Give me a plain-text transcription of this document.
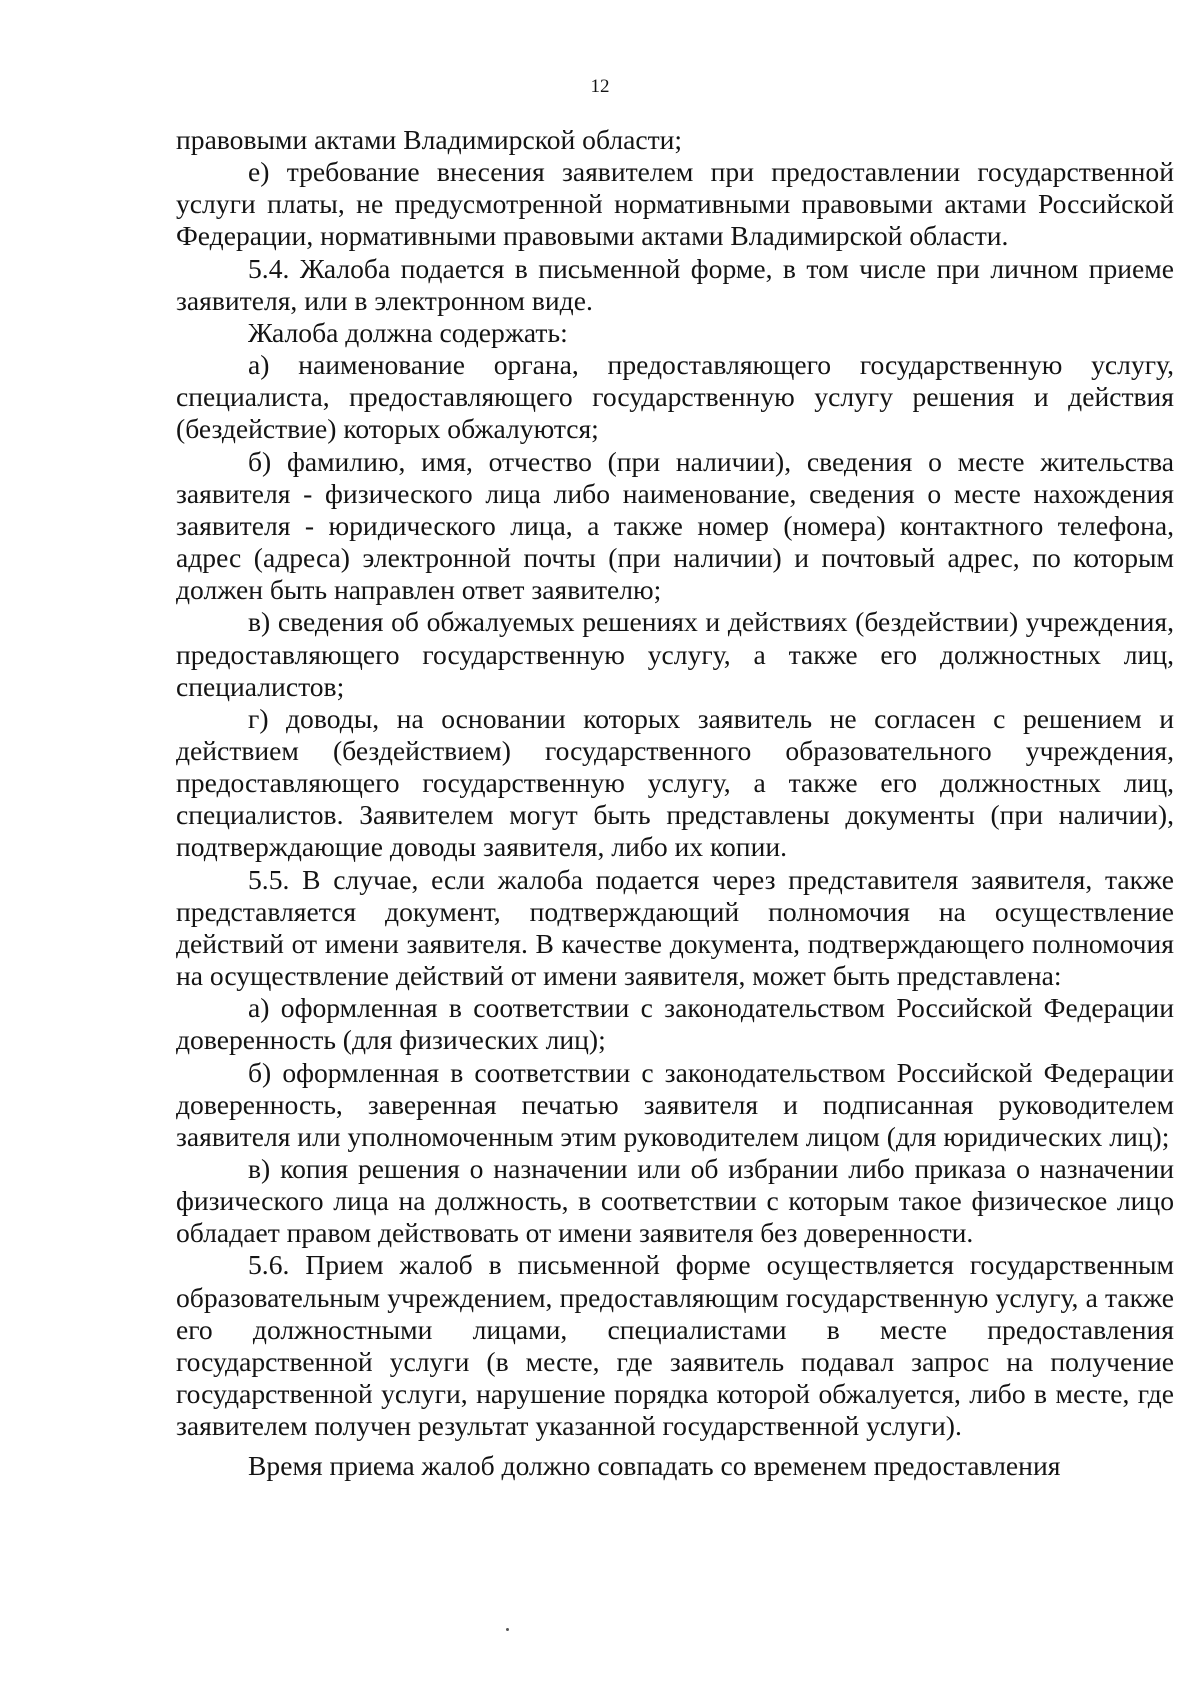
12

правовыми актами Владимирской области;

е) требование внесения заявителем при предоставлении государственной услуги платы, не предусмотренной нормативными правовыми актами Российской Федерации, нормативными правовыми актами Владимирской области.

5.4. Жалоба подается в письменной форме, в том числе при личном приеме заявителя, или в электронном виде.

Жалоба должна содержать:

а) наименование органа, предоставляющего государственную услугу, специалиста, предоставляющего государственную услугу решения и действия (бездействие) которых обжалуются;

б) фамилию, имя, отчество (при наличии), сведения о месте жительства заявителя - физического лица либо наименование, сведения о месте нахождения заявителя - юридического лица, а также номер (номера) контактного телефона, адрес (адреса) электронной почты (при наличии) и почтовый адрес, по которым должен быть направлен ответ заявителю;

в) сведения об обжалуемых решениях и действиях (бездействии) учреждения, предоставляющего государственную услугу, а также его должностных лиц, специалистов;

г) доводы, на основании которых заявитель не согласен с решением и действием (бездействием) государственного образовательного учреждения, предоставляющего государственную услугу, а также его должностных лиц, специалистов. Заявителем могут быть представлены документы (при наличии), подтверждающие доводы заявителя, либо их копии.

5.5. В случае, если жалоба подается через представителя заявителя, также представляется документ, подтверждающий полномочия на осуществление действий от имени заявителя. В качестве документа, подтверждающего полномочия на осуществление действий от имени заявителя, может быть представлена:

а) оформленная в соответствии с законодательством Российской Федерации доверенность (для физических лиц);

б) оформленная в соответствии с законодательством Российской Федерации доверенность, заверенная печатью заявителя и подписанная руководителем заявителя или уполномоченным этим руководителем лицом (для юридических лиц);

в) копия решения о назначении или об избрании либо приказа о назначении физического лица на должность, в соответствии с которым такое физическое лицо обладает правом действовать от имени заявителя без доверенности.

5.6. Прием жалоб в письменной форме осуществляется государственным образовательным учреждением, предоставляющим государственную услугу, а также его должностными лицами, специалистами в месте предоставления государственной услуги (в месте, где заявитель подавал запрос на получение государственной услуги, нарушение порядка которой обжалуется, либо в месте, где заявителем получен результат указанной государственной услуги).

Время приема жалоб должно совпадать со временем предоставления
